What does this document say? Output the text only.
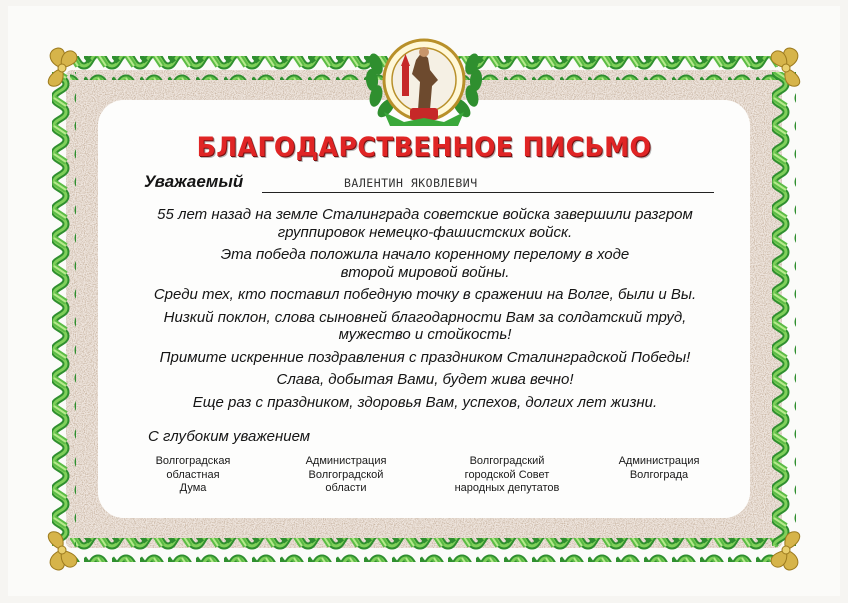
БЛАГОДАРСТВЕННОЕ ПИСЬМО
Уважаемый	ВАЛЕНТИН ЯКОВЛЕВИЧ

55 лет назад на земле Сталинграда советские войска завершили разгром
группировок немецко-фашистских войск.

Эта победа положила начало коренному перелому в ходе
второй мировой войны.

Среди тех, кто поставил победную точку в сражении на Волге, были и Вы.

Низкий поклон, слова сыновней благодарности Вам за солдатский труд,
мужество и стойкость!

Примите искренние поздравления с праздником Сталинградской Победы!

Слава, добытая Вами, будет жива вечно!

Еще раз с праздником, здоровья Вам, успехов, долгих лет жизни.

С глубоким уважением
Волгоградская
областная
Дума
Администрация
Волгоградской
области
Волгоградский
городской Совет
народных депутатов
Администрация
Волгограда
